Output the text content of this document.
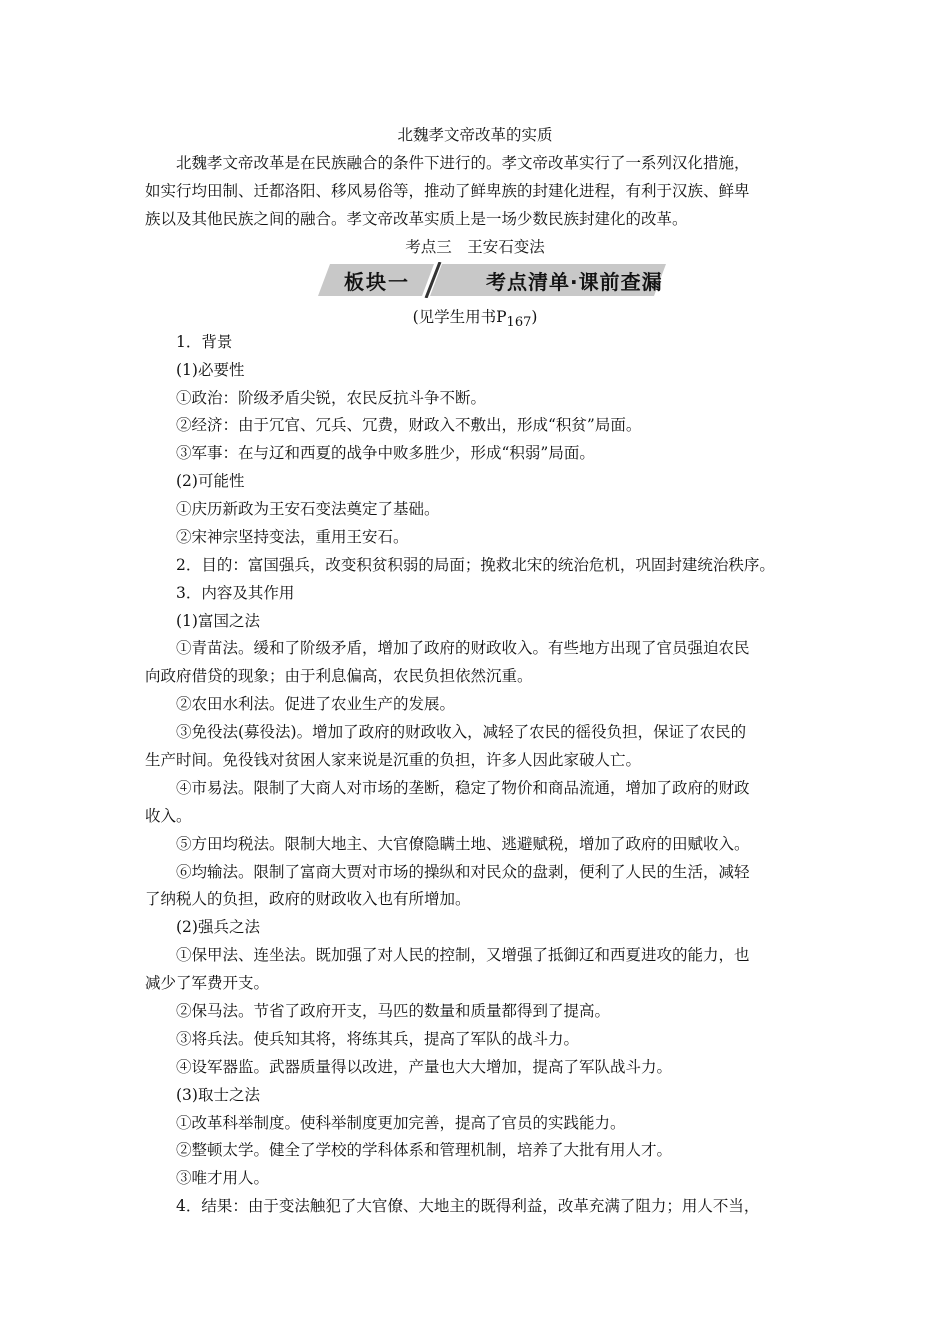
北魏孝文帝改革的实质
北魏孝文帝改革是在民族融合的条件下进行的。孝文帝改革实行了一系列汉化措施，
如实行均田制、迁都洛阳、移风易俗等，推动了鲜卑族的封建化进程，有利于汉族、鲜卑
族以及其他民族之间的融合。孝文帝改革实质上是一场少数民族封建化的改革。
考点三　王安石变法
板块一	考点清单·课前查漏
(见学生用书$P_{167}$)
1．背景
(1)必要性
①政治：阶级矛盾尖锐，农民反抗斗争不断。
②经济：由于冗官、冗兵、冗费，财政入不敷出，形成“积贫”局面。
③军事：在与辽和西夏的战争中败多胜少，形成“积弱”局面。
(2)可能性
①庆历新政为王安石变法奠定了基础。
②宋神宗坚持变法，重用王安石。
2．目的：富国强兵，改变积贫积弱的局面；挽救北宋的统治危机，巩固封建统治秩序。
3．内容及其作用
(1)富国之法
①青苗法。缓和了阶级矛盾，增加了政府的财政收入。有些地方出现了官员强迫农民
向政府借贷的现象；由于利息偏高，农民负担依然沉重。
②农田水利法。促进了农业生产的发展。
③免役法(募役法)。增加了政府的财政收入，减轻了农民的徭役负担，保证了农民的
生产时间。免役钱对贫困人家来说是沉重的负担，许多人因此家破人亡。
④市易法。限制了大商人对市场的垄断，稳定了物价和商品流通，增加了政府的财政
收入。
⑤方田均税法。限制大地主、大官僚隐瞒土地、逃避赋税，增加了政府的田赋收入。
⑥均输法。限制了富商大贾对市场的操纵和对民众的盘剥，便利了人民的生活，减轻
了纳税人的负担，政府的财政收入也有所增加。
(2)强兵之法
①保甲法、连坐法。既加强了对人民的控制，又增强了抵御辽和西夏进攻的能力，也
减少了军费开支。
②保马法。节省了政府开支，马匹的数量和质量都得到了提高。
③将兵法。使兵知其将，将练其兵，提高了军队的战斗力。
④设军器监。武器质量得以改进，产量也大大增加，提高了军队战斗力。
(3)取士之法
①改革科举制度。使科举制度更加完善，提高了官员的实践能力。
②整顿太学。健全了学校的学科体系和管理机制，培养了大批有用人才。
③唯才用人。
4．结果：由于变法触犯了大官僚、大地主的既得利益，改革充满了阻力；用人不当，
